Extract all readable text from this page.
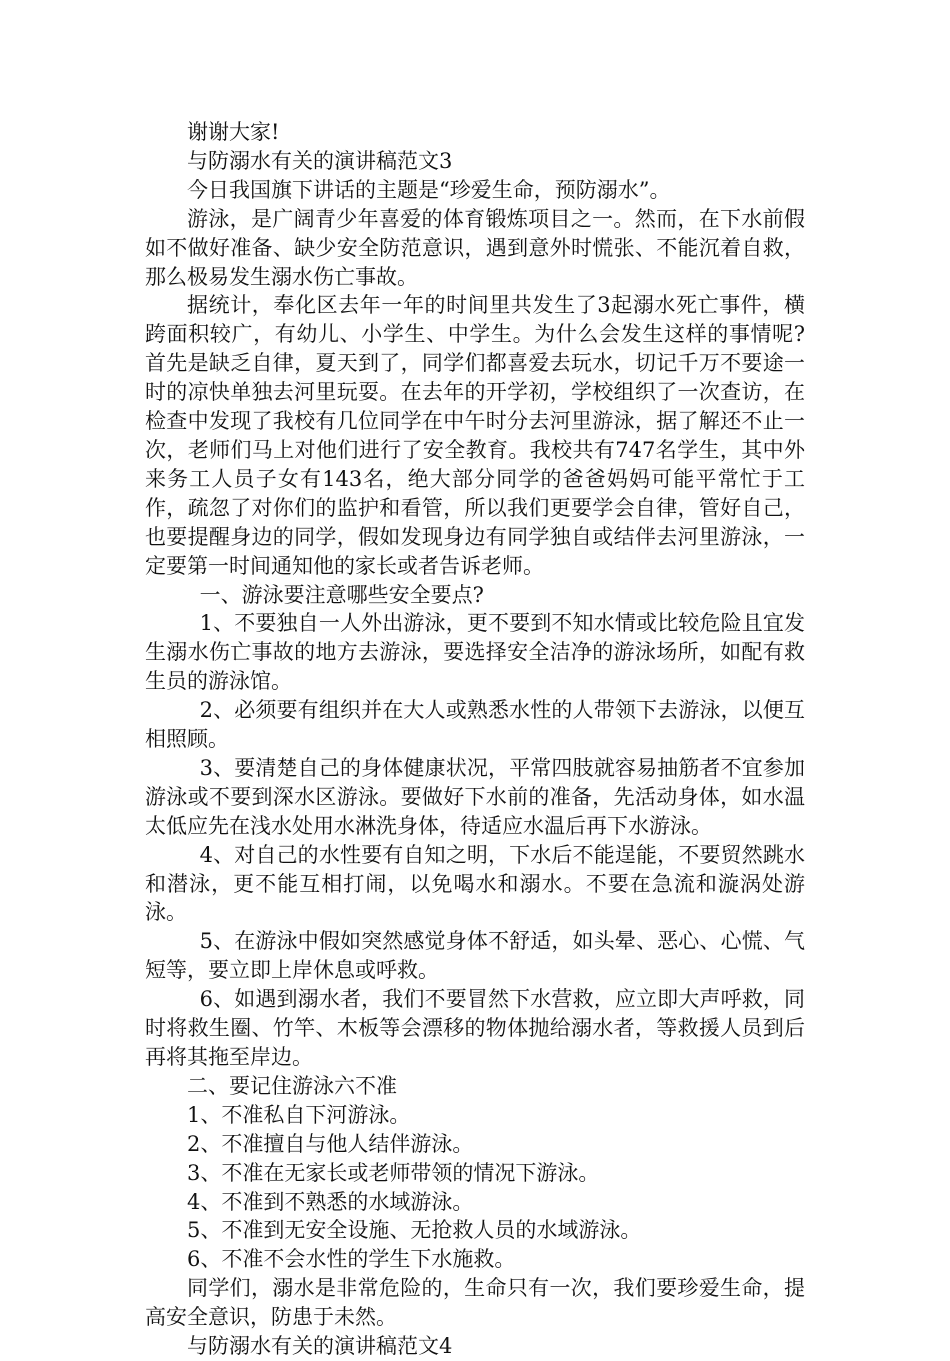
谢谢大家!

与防溺水有关的演讲稿范文3

今日我国旗下讲话的主题是“珍爱生命，预防溺水”。

游泳，是广阔青少年喜爱的体育锻炼项目之一。然而，在下水前假如不做好准备、缺少安全防范意识，遇到意外时慌张、不能沉着自救，那么极易发生溺水伤亡事故。

据统计，奉化区去年一年的时间里共发生了3起溺水死亡事件，横跨面积较广，有幼儿、小学生、中学生。为什么会发生这样的事情呢?首先是缺乏自律，夏天到了，同学们都喜爱去玩水，切记千万不要途一时的凉快单独去河里玩耍。在去年的开学初，学校组织了一次查访，在检查中发现了我校有几位同学在中午时分去河里游泳，据了解还不止一次，老师们马上对他们进行了安全教育。我校共有747名学生，其中外来务工人员子女有143名，绝大部分同学的爸爸妈妈可能平常忙于工作，疏忽了对你们的监护和看管，所以我们更要学会自律，管好自己，也要提醒身边的同学，假如发现身边有同学独自或结伴去河里游泳，一定要第一时间通知他的家长或者告诉老师。

一、游泳要注意哪些安全要点?

1、不要独自一人外出游泳，更不要到不知水情或比较危险且宜发生溺水伤亡事故的地方去游泳，要选择安全洁净的游泳场所，如配有救生员的游泳馆。

2、必须要有组织并在大人或熟悉水性的人带领下去游泳，以便互相照顾。

3、要清楚自己的身体健康状况，平常四肢就容易抽筋者不宜参加游泳或不要到深水区游泳。要做好下水前的准备，先活动身体，如水温太低应先在浅水处用水淋洗身体，待适应水温后再下水游泳。

4、对自己的水性要有自知之明，下水后不能逞能，不要贸然跳水和潜泳，更不能互相打闹，以免喝水和溺水。不要在急流和漩涡处游泳。

5、在游泳中假如突然感觉身体不舒适，如头晕、恶心、心慌、气短等，要立即上岸休息或呼救。

6、如遇到溺水者，我们不要冒然下水营救，应立即大声呼救，同时将救生圈、竹竿、木板等会漂移的物体抛给溺水者，等救援人员到后再将其拖至岸边。

二、要记住游泳六不准

1、不准私自下河游泳。

2、不准擅自与他人结伴游泳。

3、不准在无家长或老师带领的情况下游泳。

4、不准到不熟悉的水域游泳。

5、不准到无安全设施、无抢救人员的水域游泳。

6、不准不会水性的学生下水施救。

同学们，溺水是非常危险的，生命只有一次，我们要珍爱生命，提高安全意识，防患于未然。

与防溺水有关的演讲稿范文4
